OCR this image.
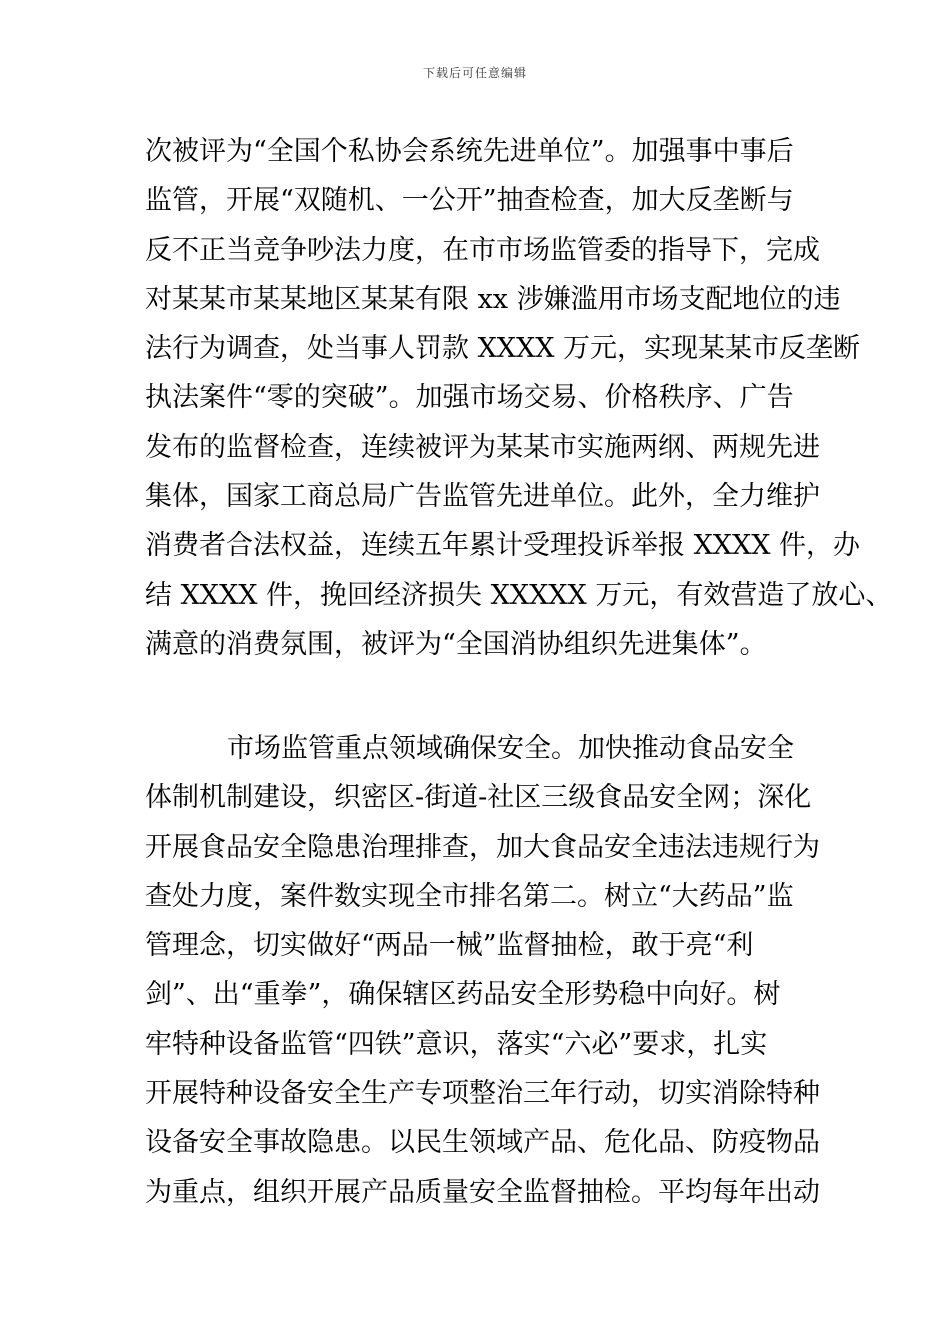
下载后可任意编辑
次被评为“全国个私协会系统先进单位”。加强事中事后
监管，开展“双随机、一公开”抽查检查，加大反垄断与
反不正当竞争吵法力度，在市市场监管委的指导下，完成
对某某市某某地区某某有限 xx 涉嫌滥用市场支配地位的违
法行为调查，处当事人罚款 XXXX 万元，实现某某市反垄断
执法案件“零的突破”。加强市场交易、价格秩序、广告
发布的监督检查，连续被评为某某市实施两纲、两规先进
集体，国家工商总局广告监管先进单位。此外，全力维护
消费者合法权益，连续五年累计受理投诉举报 XXXX 件，办
结 XXXX 件，挽回经济损失 XXXXX 万元，有效营造了放心、
满意的消费氛围，被评为“全国消协组织先进集体”。
市场监管重点领域确保安全。加快推动食品安全
体制机制建设，织密区-街道-社区三级食品安全网；深化
开展食品安全隐患治理排查，加大食品安全违法违规行为
查处力度，案件数实现全市排名第二。树立“大药品”监
管理念，切实做好“两品一械”监督抽检，敢于亮“利
剑”、出“重拳”，确保辖区药品安全形势稳中向好。树
牢特种设备监管“四铁”意识，落实“六必”要求，扎实
开展特种设备安全生产专项整治三年行动，切实消除特种
设备安全事故隐患。以民生领域产品、危化品、防疫物品
为重点，组织开展产品质量安全监督抽检。平均每年出动
